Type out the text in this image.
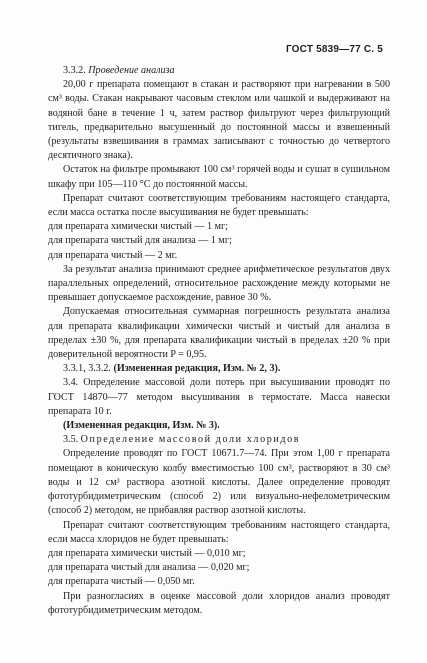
ГОСТ 5839—77 С. 5

3.3.2. Проведение анализа

20,00 г препарата помещают в стакан и растворяют при нагревании в 500 см³ воды. Стакан накрывают часовым стеклом или чашкой и выдерживают на водяной бане в течение 1 ч, затем раствор фильтруют через фильтрующий тигель, предварительно высушенный до постоянной массы и взвешенный (результаты взвешивания в граммах записывают с точностью до четвертого десятичного знака).

Остаток на фильтре промывают 100 см³ горячей воды и сушат в сушильном шкафу при 105—110 °С до постоянной массы.

Препарат считают соответствующим требованиям настоящего стандарта, если масса остатка после высушивания не будет превышать:

для препарата химически чистый — 1 мг;

для препарата чистый для анализа — 1 мг;

для препарата чистый — 2 мг.

За результат анализа принимают среднее арифметическое результатов двух параллельных определений, относительное расхождение между которыми не превышает допускаемое расхождение, равное 30 %.

Допускаемая относительная суммарная погрешность результата анализа для препарата квалификации химически чистый и чистый для анализа в пределах ±30 %, для препарата квалификации чистый в пределах ±20 % при доверительной вероятности P = 0,95.

3.3.1, 3.3.2. (Измененная редакция, Изм. № 2, 3).

3.4. Определение массовой доли потерь при высушивании проводят по ГОСТ 14870—77 методом высушивания в термостате. Масса навески препарата 10 г.

(Измененная редакция, Изм. № 3).

3.5. Определение массовой доли хлоридов

Определение проводят по ГОСТ 10671.7—74. При этом 1,00 г препарата помещают в коническую колбу вместимостью 100 см³, растворяют в 30 см³ воды и 12 см³ раствора азотной кислоты. Далее определение проводят фототурбидиметрическим (способ 2) или визуально-нефелометрическим (способ 2) методом, не прибавляя раствор азотной кислоты.

Препарат считают соответствующим требованиям настоящего стандарта, если масса хлоридов не будет превышать:

для препарата химически чистый — 0,010 мг;

для препарата чистый для анализа — 0,020 мг;

для препарата чистый — 0,050 мг.

При разногласиях в оценке массовой доли хлоридов анализ проводят фототурбидиметрическим методом.
